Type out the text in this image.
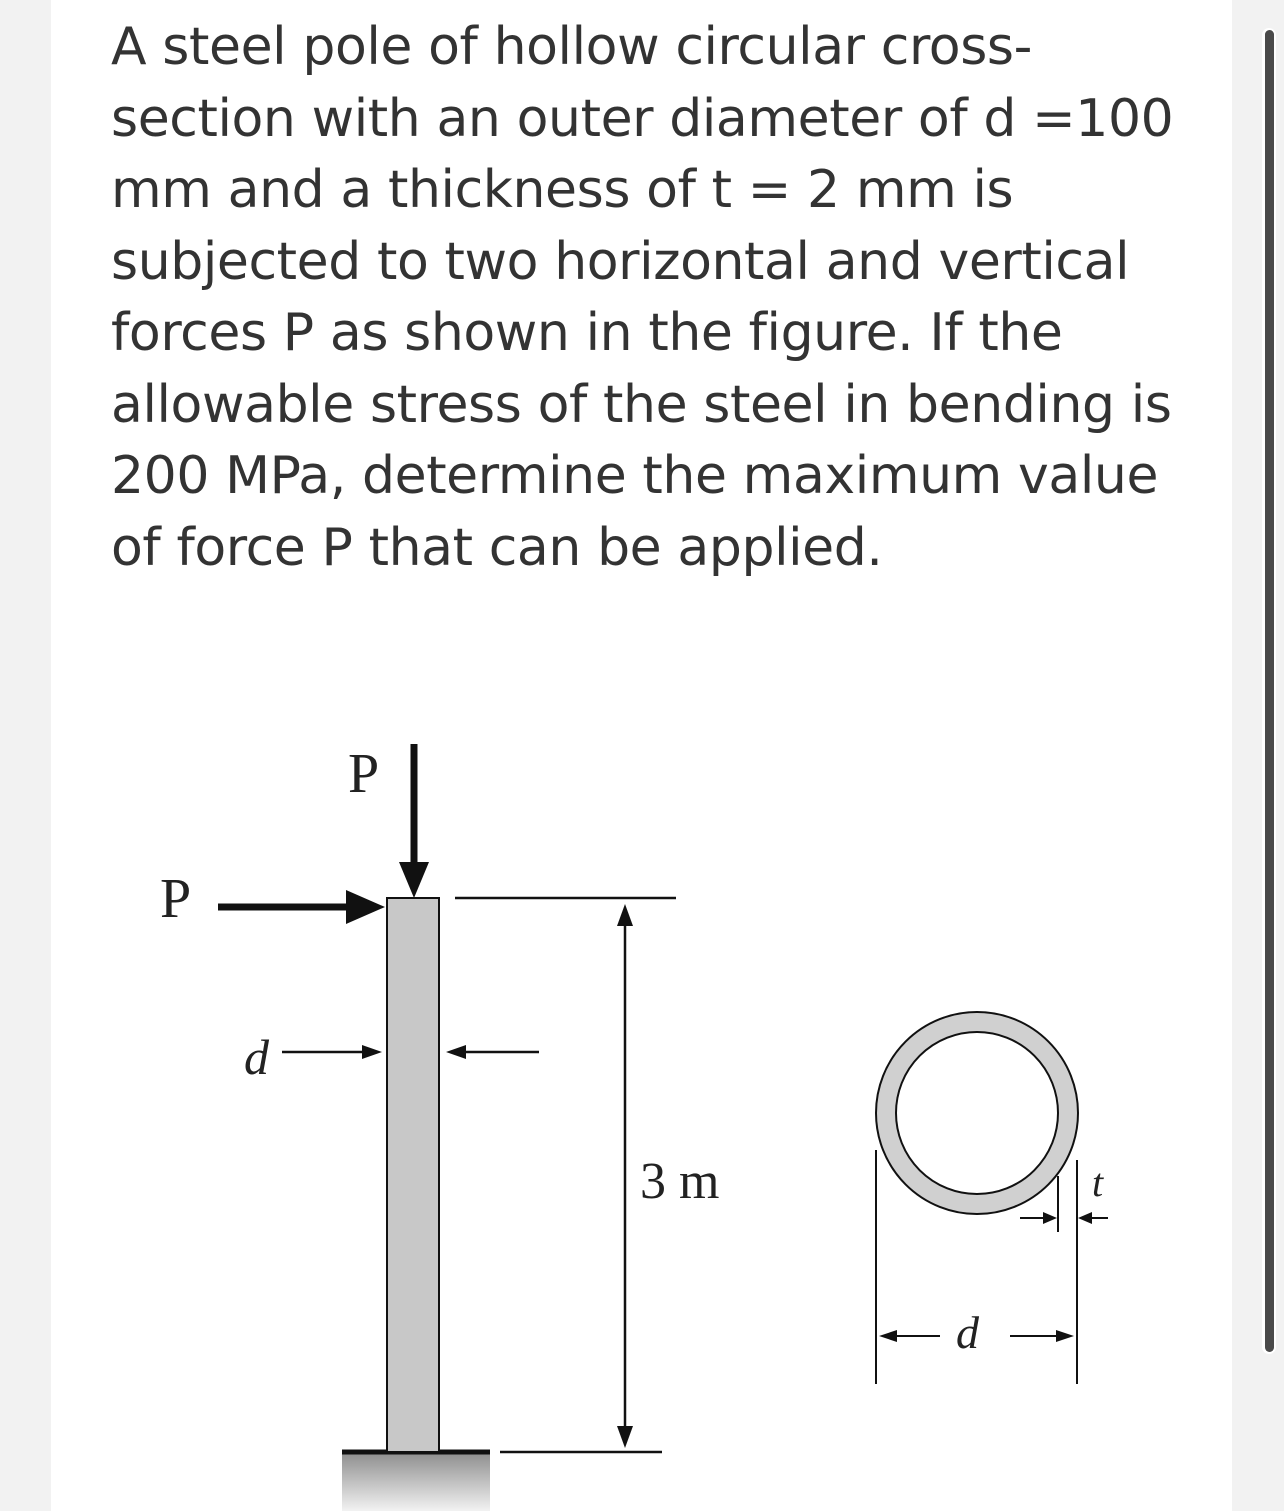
A steel pole of hollow circular cross-section with an outer diameter of d =100 mm and a thickness of t = 2 mm is subjected to two horizontal and vertical forces P as shown in the figure. If the allowable stress of the steel in bending is 200 MPa, determine the maximum value of force P that can be applied.

P
P
d
3 m
d
t
